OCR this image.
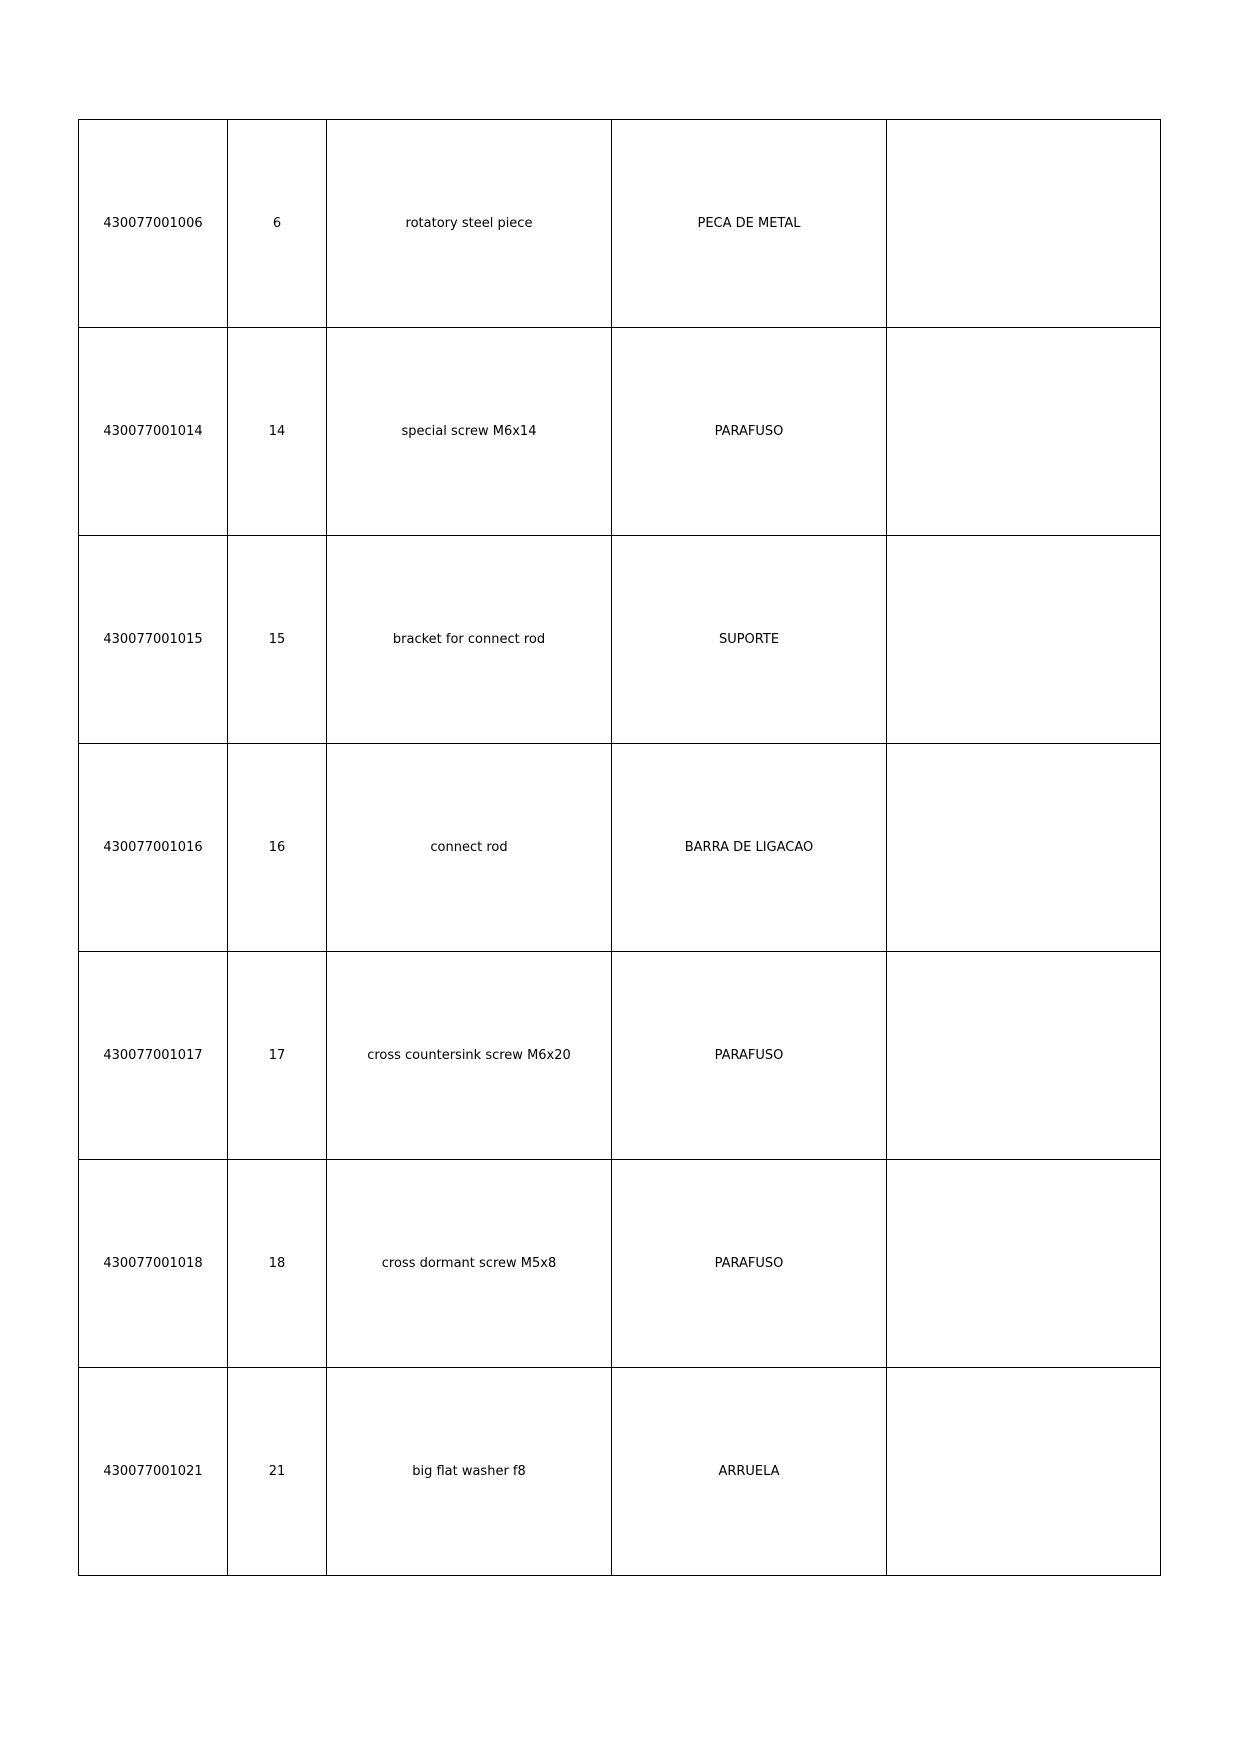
430077001006	6	rotatory steel piece	PECA DE METAL	
430077001014	14	special screw M6x14	PARAFUSO	
430077001015	15	bracket for connect rod	SUPORTE	
430077001016	16	connect rod	BARRA DE LIGACAO	
430077001017	17	cross countersink screw M6x20	PARAFUSO	
430077001018	18	cross dormant screw M5x8	PARAFUSO	
430077001021	21	big flat washer f8	ARRUELA	
